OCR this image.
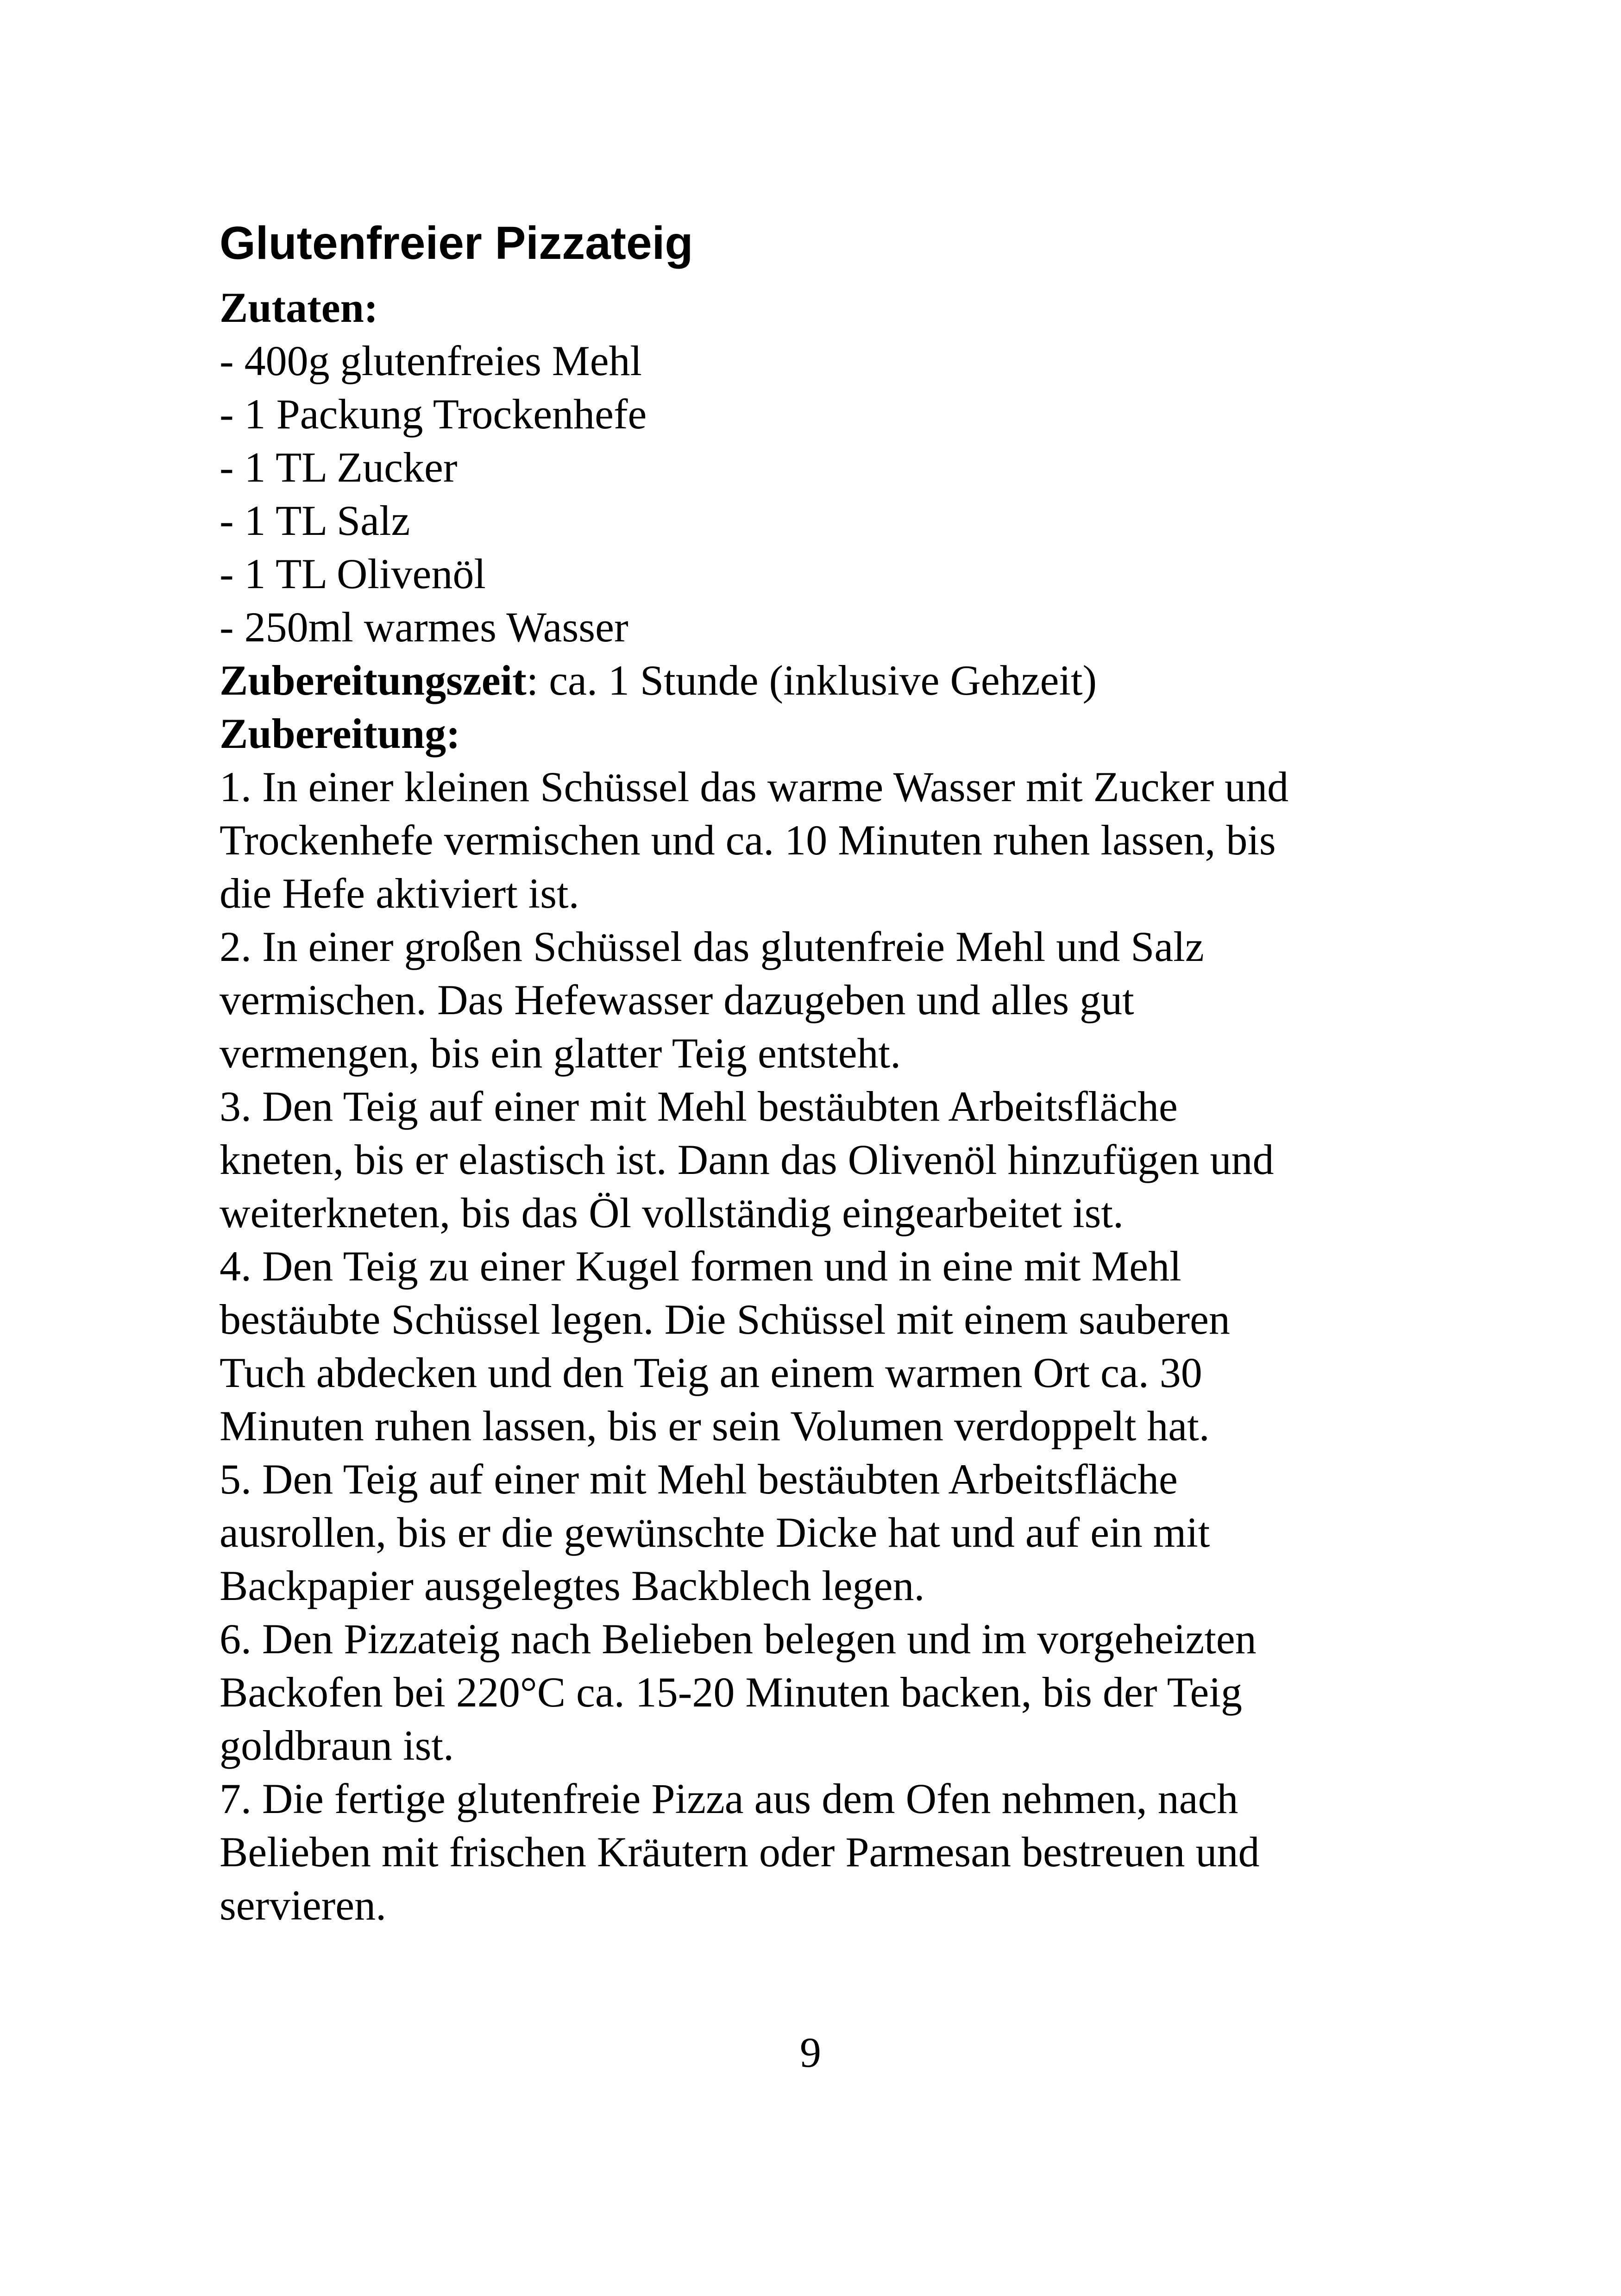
Glutenfreier Pizzateig
Zutaten:
- 400g glutenfreies Mehl
- 1 Packung Trockenhefe
- 1 TL Zucker
- 1 TL Salz
- 1 TL Olivenöl
- 250ml warmes Wasser
Zubereitungszeit: ca. 1 Stunde (inklusive Gehzeit)
Zubereitung:
1. In einer kleinen Schüssel das warme Wasser mit Zucker und
Trockenhefe vermischen und ca. 10 Minuten ruhen lassen, bis
die Hefe aktiviert ist.
2. In einer großen Schüssel das glutenfreie Mehl und Salz
vermischen. Das Hefewasser dazugeben und alles gut
vermengen, bis ein glatter Teig entsteht.
3. Den Teig auf einer mit Mehl bestäubten Arbeitsfläche
kneten, bis er elastisch ist. Dann das Olivenöl hinzufügen und
weiterkneten, bis das Öl vollständig eingearbeitet ist.
4. Den Teig zu einer Kugel formen und in eine mit Mehl
bestäubte Schüssel legen. Die Schüssel mit einem sauberen
Tuch abdecken und den Teig an einem warmen Ort ca. 30
Minuten ruhen lassen, bis er sein Volumen verdoppelt hat.
5. Den Teig auf einer mit Mehl bestäubten Arbeitsfläche
ausrollen, bis er die gewünschte Dicke hat und auf ein mit
Backpapier ausgelegtes Backblech legen.
6. Den Pizzateig nach Belieben belegen und im vorgeheizten
Backofen bei 220°C ca. 15-20 Minuten backen, bis der Teig
goldbraun ist.
7. Die fertige glutenfreie Pizza aus dem Ofen nehmen, nach
Belieben mit frischen Kräutern oder Parmesan bestreuen und
servieren.
9
